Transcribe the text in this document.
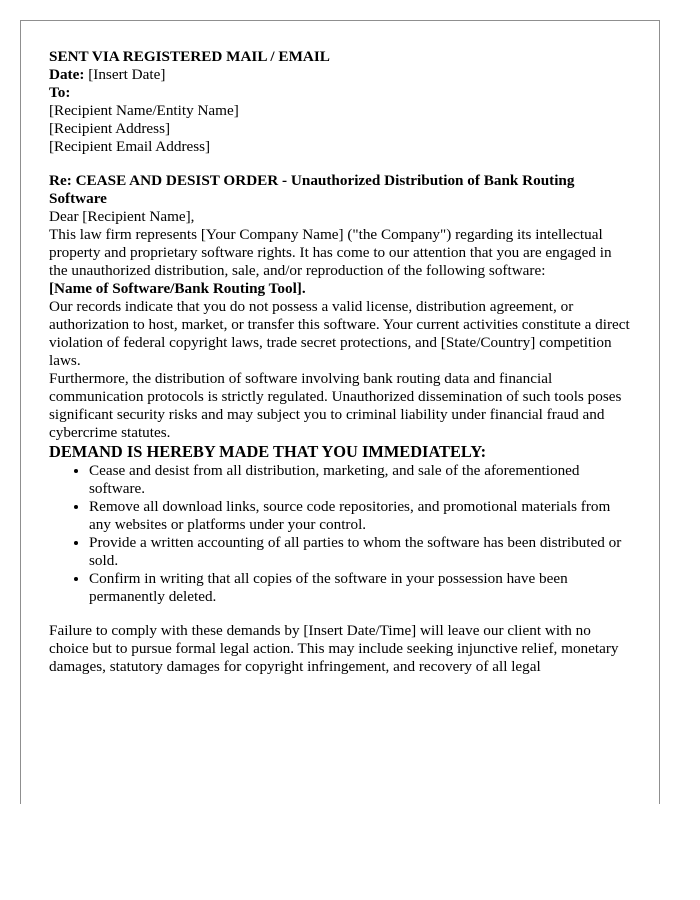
SENT VIA REGISTERED MAIL / EMAIL

Date: [Insert Date]

To:
[Recipient Name/Entity Name]
[Recipient Address]
[Recipient Email Address]

Re: CEASE AND DESIST ORDER - Unauthorized Distribution of Bank Routing Software

Dear [Recipient Name],

This law firm represents [Your Company Name] ("the Company") regarding its intellectual property and proprietary software rights. It has come to our attention that you are engaged in the unauthorized distribution, sale, and/or reproduction of the following software:
[Name of Software/Bank Routing Tool].

Our records indicate that you do not possess a valid license, distribution agreement, or authorization to host, market, or transfer this software. Your current activities constitute a direct violation of federal copyright laws, trade secret protections, and [State/Country] competition laws.

Furthermore, the distribution of software involving bank routing data and financial communication protocols is strictly regulated. Unauthorized dissemination of such tools poses significant security risks and may subject you to criminal liability under financial fraud and cybercrime statutes.

DEMAND IS HEREBY MADE THAT YOU IMMEDIATELY:

• Cease and desist from all distribution, marketing, and sale of the aforementioned software.
• Remove all download links, source code repositories, and promotional materials from any websites or platforms under your control.
• Provide a written accounting of all parties to whom the software has been distributed or sold.
• Confirm in writing that all copies of the software in your possession have been permanently deleted.

Failure to comply with these demands by [Insert Date/Time] will leave our client with no choice but to pursue formal legal action. This may include seeking injunctive relief, monetary damages, statutory damages for copyright infringement, and recovery of all legal
